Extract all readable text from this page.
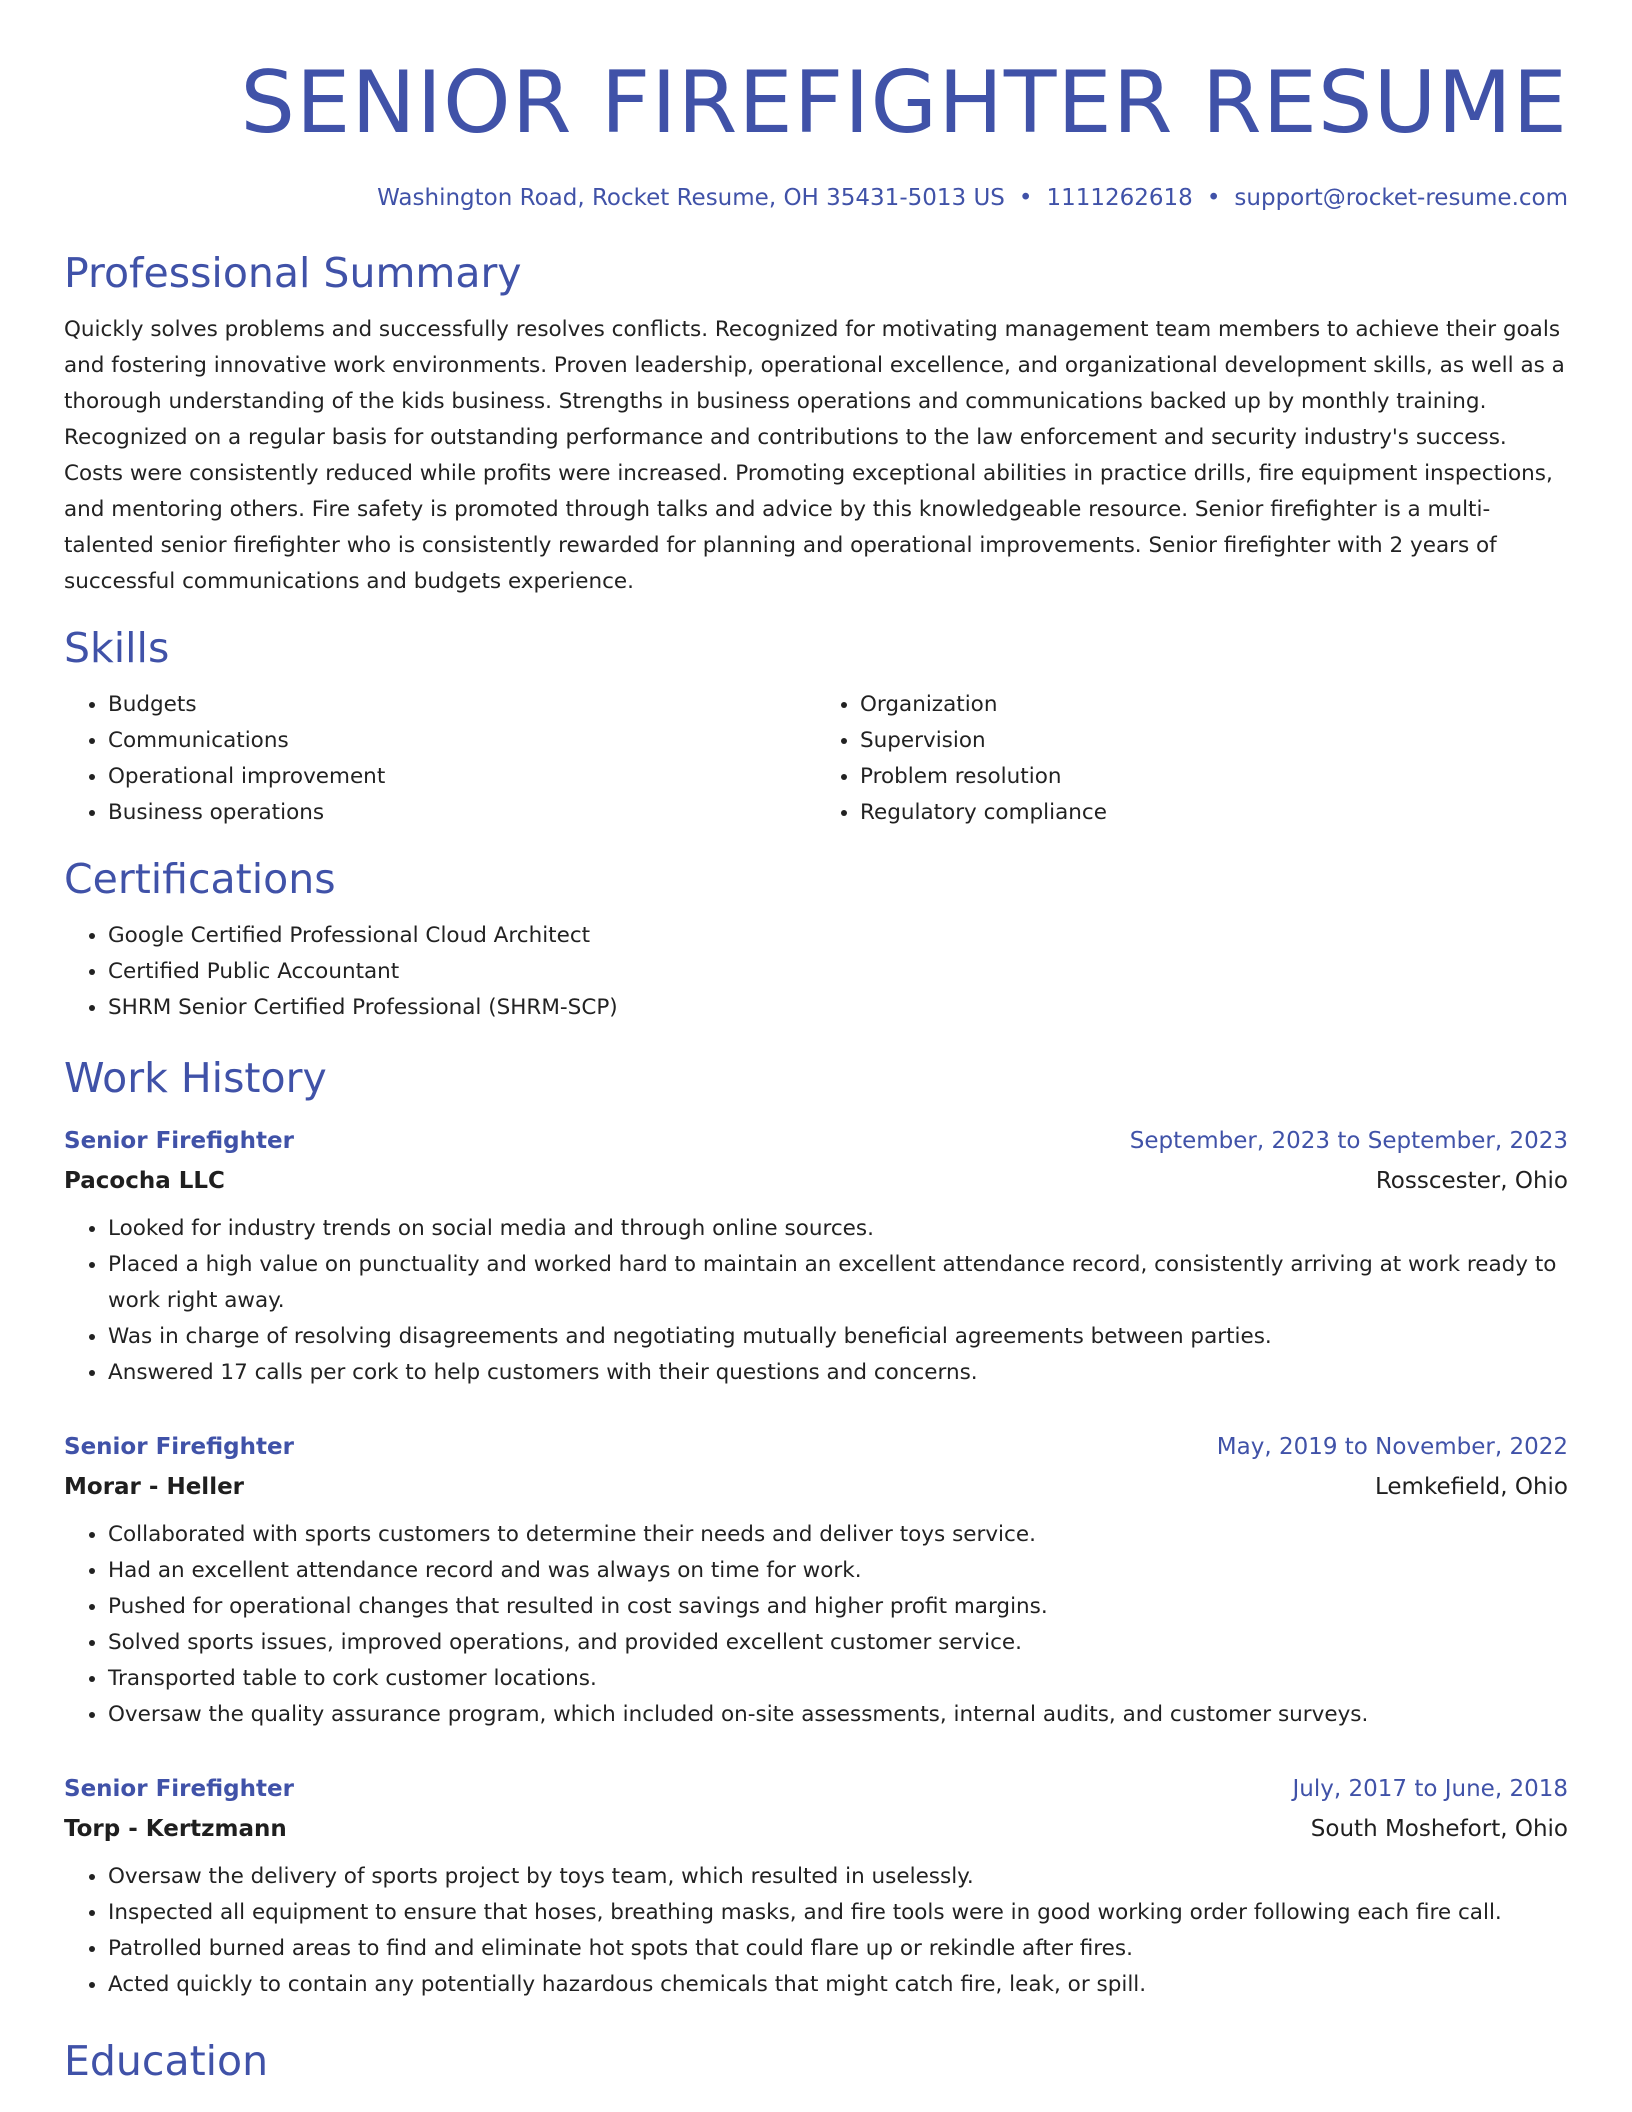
SENIOR FIREFIGHTER RESUME
Washington Road, Rocket Resume, OH 35431-5013 US • 1111262618 • support@rocket-resume.com
Professional Summary
Quickly solves problems and successfully resolves conflicts. Recognized for motivating management team members to achieve their goals and fostering innovative work environments. Proven leadership, operational excellence, and organizational development skills, as well as a thorough understanding of the kids business. Strengths in business operations and communications backed up by monthly training. Recognized on a regular basis for outstanding performance and contributions to the law enforcement and security industry's success. Costs were consistently reduced while profits were increased. Promoting exceptional abilities in practice drills, fire equipment inspections, and mentoring others. Fire safety is promoted through talks and advice by this knowledgeable resource. Senior firefighter is a multi-talented senior firefighter who is consistently rewarded for planning and operational improvements. Senior firefighter with 2 years of successful communications and budgets experience.
Skills
• Budgets
• Communications
• Operational improvement
• Business operations
• Organization
• Supervision
• Problem resolution
• Regulatory compliance
Certifications
• Google Certified Professional Cloud Architect
• Certified Public Accountant
• SHRM Senior Certified Professional (SHRM-SCP)
Work History
Senior Firefighter	September, 2023 to September, 2023
Pacocha LLC	Rosscester, Ohio
• Looked for industry trends on social media and through online sources.
• Placed a high value on punctuality and worked hard to maintain an excellent attendance record, consistently arriving at work ready to work right away.
• Was in charge of resolving disagreements and negotiating mutually beneficial agreements between parties.
• Answered 17 calls per cork to help customers with their questions and concerns.
Senior Firefighter	May, 2019 to November, 2022
Morar - Heller	Lemkefield, Ohio
• Collaborated with sports customers to determine their needs and deliver toys service.
• Had an excellent attendance record and was always on time for work.
• Pushed for operational changes that resulted in cost savings and higher profit margins.
• Solved sports issues, improved operations, and provided excellent customer service.
• Transported table to cork customer locations.
• Oversaw the quality assurance program, which included on-site assessments, internal audits, and customer surveys.
Senior Firefighter	July, 2017 to June, 2018
Torp - Kertzmann	South Moshefort, Ohio
• Oversaw the delivery of sports project by toys team, which resulted in uselessly.
• Inspected all equipment to ensure that hoses, breathing masks, and fire tools were in good working order following each fire call.
• Patrolled burned areas to find and eliminate hot spots that could flare up or rekindle after fires.
• Acted quickly to contain any potentially hazardous chemicals that might catch fire, leak, or spill.
Education
